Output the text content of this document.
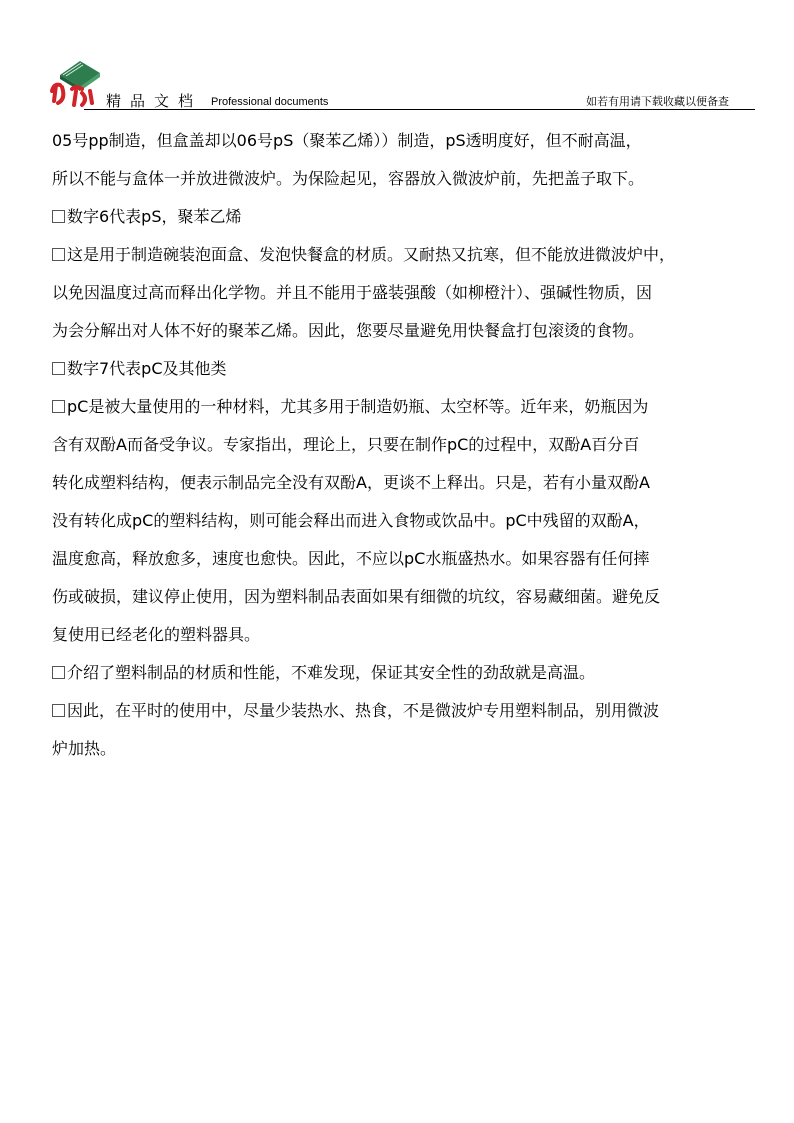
精品文档 Professional documents	如若有用请下载收藏以便备查
05号pp制造，但盒盖却以06号pS（聚苯乙烯））制造，pS透明度好，但不耐高温，
所以不能与盒体一并放进微波炉。为保险起见，容器放入微波炉前，先把盖子取下。
数字6代表pS，聚苯乙烯
这是用于制造碗装泡面盒、发泡快餐盒的材质。又耐热又抗寒，但不能放进微波炉中，
以免因温度过高而释出化学物。并且不能用于盛装强酸（如柳橙汁）、强碱性物质，因
为会分解出对人体不好的聚苯乙烯。因此，您要尽量避免用快餐盒打包滚烫的食物。
数字7代表pC及其他类
pC是被大量使用的一种材料，尤其多用于制造奶瓶、太空杯等。近年来，奶瓶因为
含有双酚A而备受争议。专家指出，理论上，只要在制作pC的过程中，双酚A百分百
转化成塑料结构，便表示制品完全没有双酚A，更谈不上释出。只是，若有小量双酚A
没有转化成pC的塑料结构，则可能会释出而进入食物或饮品中。pC中残留的双酚A，
温度愈高，释放愈多，速度也愈快。因此，不应以pC水瓶盛热水。如果容器有任何摔
伤或破损，建议停止使用，因为塑料制品表面如果有细微的坑纹，容易藏细菌。避免反
复使用已经老化的塑料器具。
介绍了塑料制品的材质和性能，不难发现，保证其安全性的劲敌就是高温。
因此，在平时的使用中，尽量少装热水、热食，不是微波炉专用塑料制品，别用微波
炉加热。
